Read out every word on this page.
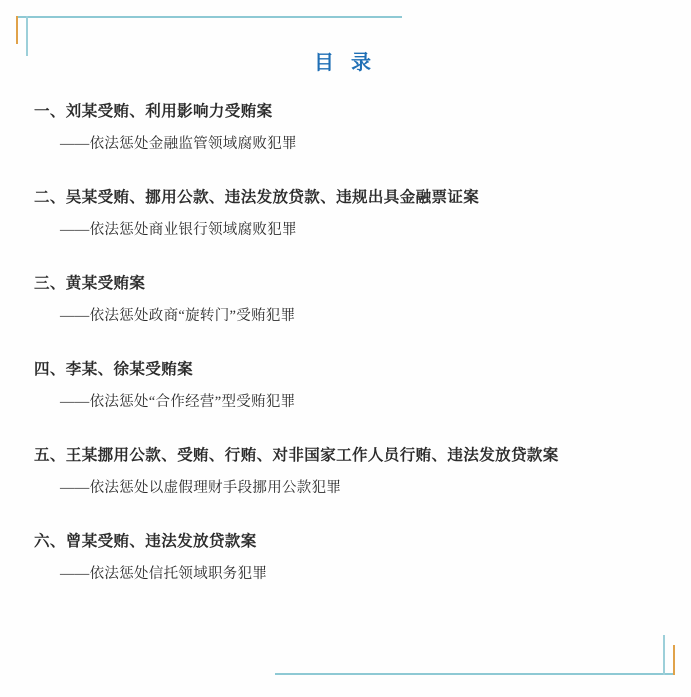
目 录
一、刘某受贿、利用影响力受贿案
——依法惩处金融监管领域腐败犯罪
二、吴某受贿、挪用公款、违法发放贷款、违规出具金融票证案
——依法惩处商业银行领域腐败犯罪
三、黄某受贿案
——依法惩处政商“旋转门”受贿犯罪
四、李某、徐某受贿案
——依法惩处“合作经营”型受贿犯罪
五、王某挪用公款、受贿、行贿、对非国家工作人员行贿、违法发放贷款案
——依法惩处以虚假理财手段挪用公款犯罪
六、曾某受贿、违法发放贷款案
——依法惩处信托领域职务犯罪
